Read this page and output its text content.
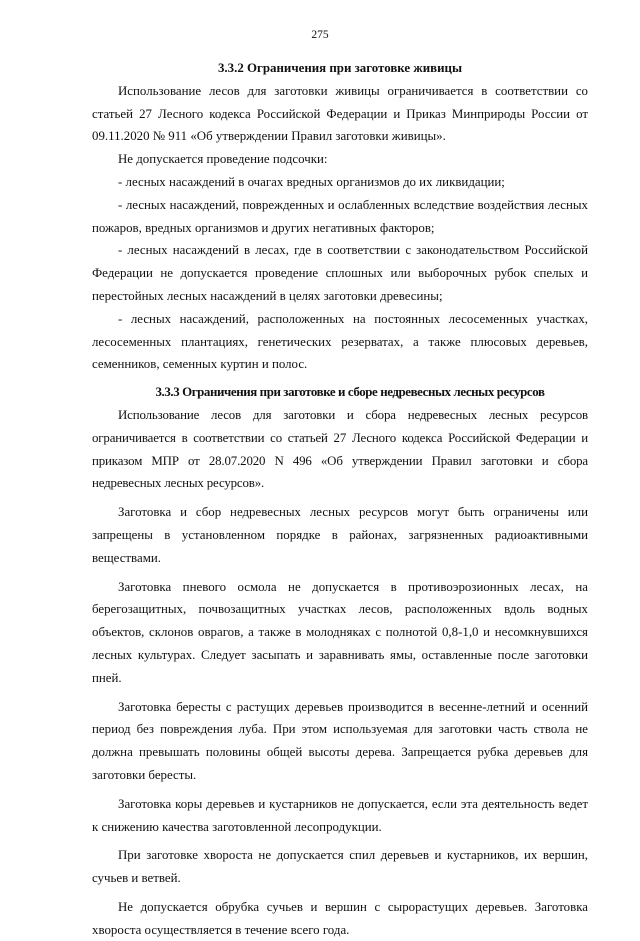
275
3.3.2 Ограничения при заготовке живицы

Использование лесов для заготовки живицы ограничивается в соответствии со статьей 27 Лесного кодекса Российской Федерации и Приказ Минприроды России от 09.11.2020 № 911 «Об утверждении Правил заготовки живицы».

Не допускается проведение подсочки:

- лесных насаждений в очагах вредных организмов до их ликвидации;

- лесных насаждений, поврежденных и ослабленных вследствие воздействия лесных пожаров, вредных организмов и других негативных факторов;

- лесных насаждений в лесах, где в соответствии с законодательством Российской Федерации не допускается проведение сплошных или выборочных рубок спелых и перестойных лесных насаждений в целях заготовки древесины;

- лесных насаждений, расположенных на постоянных лесосеменных участках, лесосеменных плантациях, генетических резерватах, а также плюсовых деревьев, семенников, семенных куртин и полос.

3.3.3 Ограничения при заготовке и сборе недревесных лесных ресурсов

Использование лесов для заготовки и сбора недревесных лесных ресурсов ограничивается в соответствии со статьей 27 Лесного кодекса Российской Федерации и приказом МПР от 28.07.2020 N 496 «Об утверждении Правил заготовки и сбора недревесных лесных ресурсов».

Заготовка и сбор недревесных лесных ресурсов могут быть ограничены или запрещены в установленном порядке в районах, загрязненных радиоактивными веществами.

Заготовка пневого осмола не допускается в противоэрозионных лесах, на берегозащитных, почвозащитных участках лесов, расположенных вдоль водных объектов, склонов оврагов, а также в молодняках с полнотой 0,8-1,0 и несомкнувшихся лесных культурах. Следует засыпать и заравнивать ямы, оставленные после заготовки пней.

Заготовка бересты с растущих деревьев производится в весенне-летний и осенний период без повреждения луба. При этом используемая для заготовки часть ствола не должна превышать половины общей высоты дерева. Запрещается рубка деревьев для заготовки бересты.

Заготовка коры деревьев и кустарников не допускается, если эта деятельность ведет к снижению качества заготовленной лесопродукции.

При заготовке хвороста не допускается спил деревьев и кустарников, их вершин, сучьев и ветвей.

Не допускается обрубка сучьев и вершин с сырорастущих деревьев. Заготовка хвороста осуществляется в течение всего года.
